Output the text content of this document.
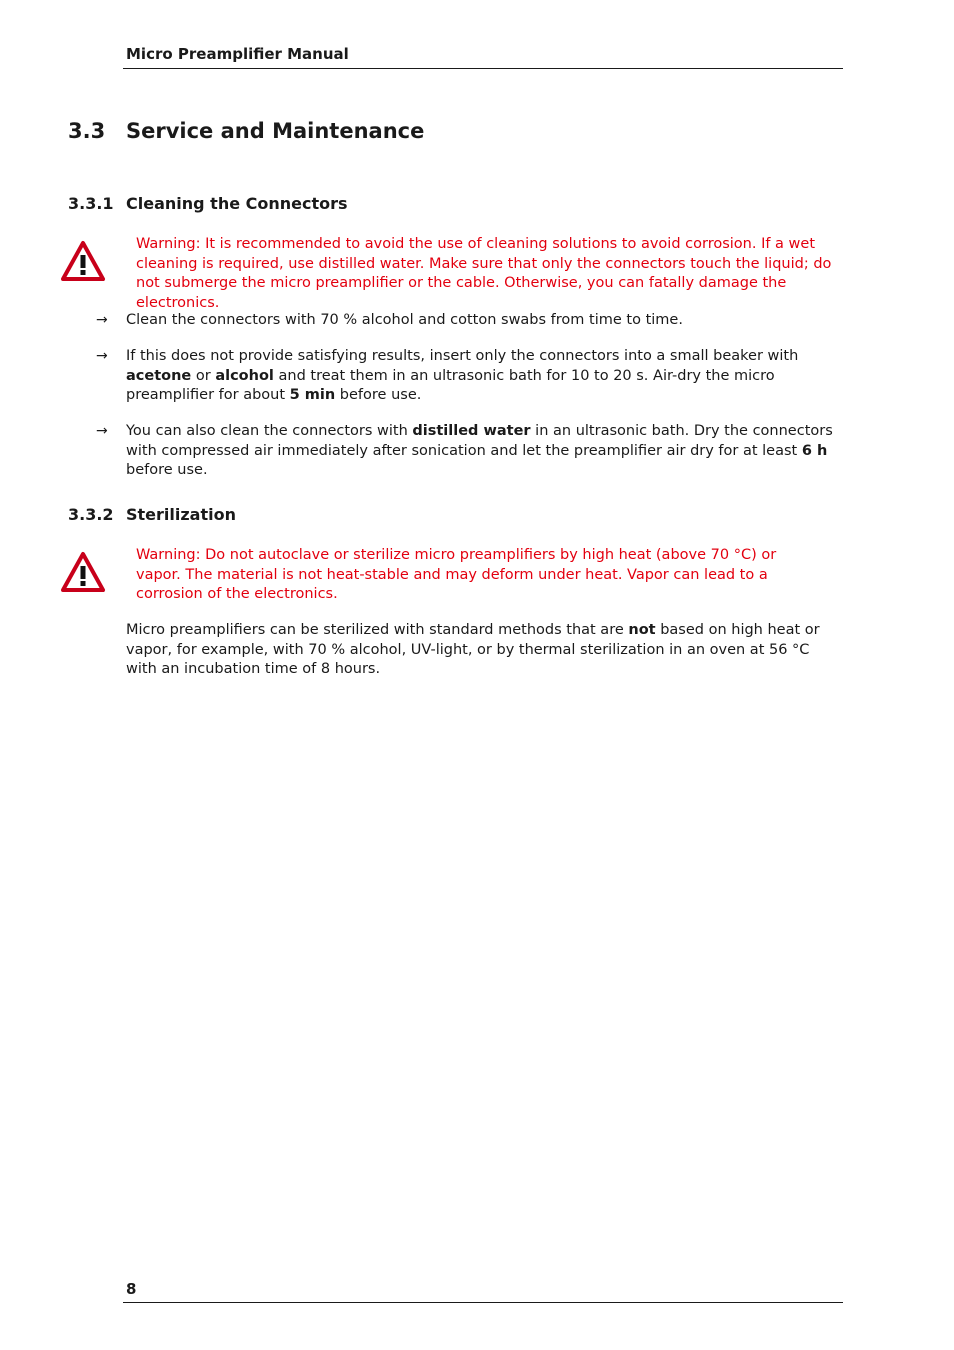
Micro Preamplifier Manual
3.3 Service and Maintenance
3.3.1 Cleaning the Connectors
Warning: It is recommended to avoid the use of cleaning solutions to avoid corrosion. If a wet cleaning is required, use distilled water. Make sure that only the connectors touch the liquid; do not submerge the micro preamplifier or the cable. Otherwise, you can fatally damage the electronics.
→ Clean the connectors with 70 % alcohol and cotton swabs from time to time.
→ If this does not provide satisfying results, insert only the connectors into a small beaker with acetone or alcohol and treat them in an ultrasonic bath for 10 to 20 s. Air-dry the micro preamplifier for about 5 min before use.
→ You can also clean the connectors with distilled water in an ultrasonic bath. Dry the connectors with compressed air immediately after sonication and let the preamplifier air dry for at least 6 h before use.
3.3.2 Sterilization
Warning: Do not autoclave or sterilize micro preamplifiers by high heat (above 70 °C) or vapor. The material is not heat-stable and may deform under heat. Vapor can lead to a corrosion of the electronics.
Micro preamplifiers can be sterilized with standard methods that are not based on high heat or vapor, for example, with 70 % alcohol, UV-light, or by thermal sterilization in an oven at 56 °C with an incubation time of 8 hours.
8
